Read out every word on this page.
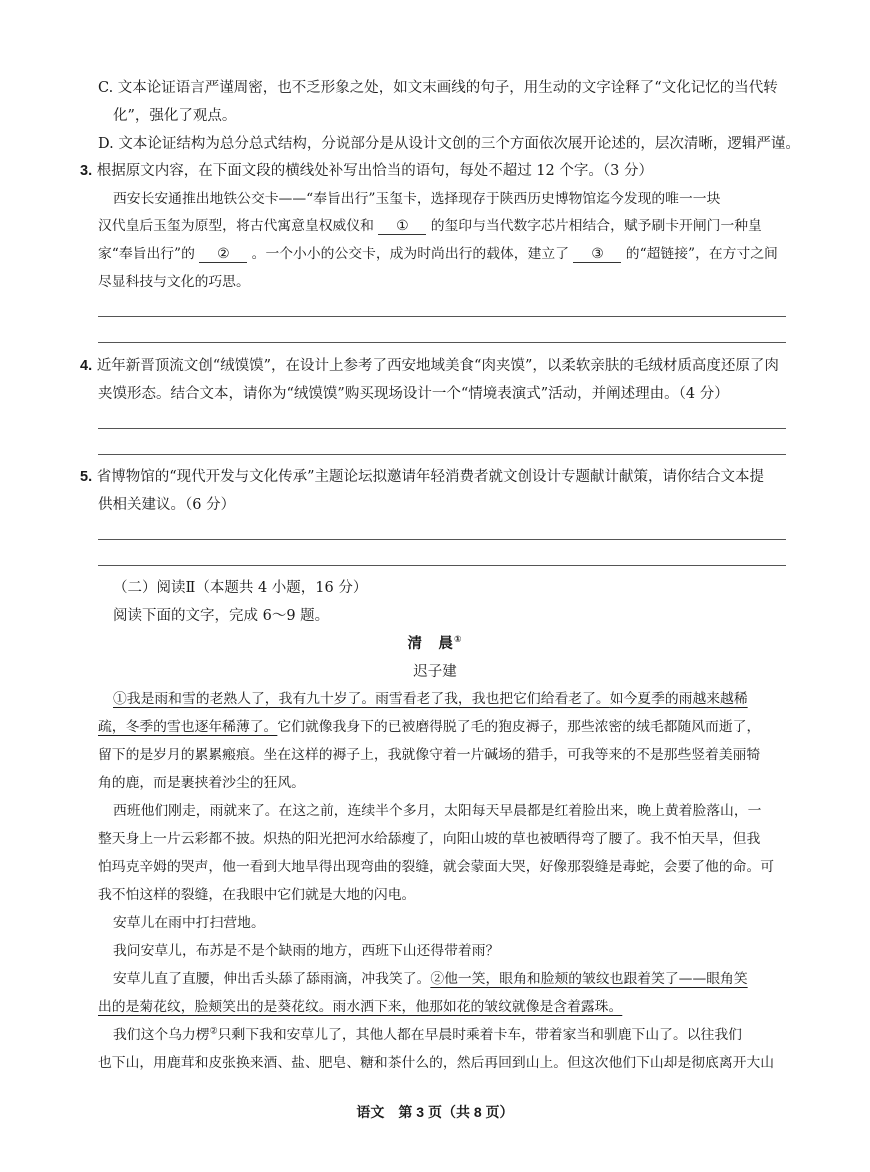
C. 文本论证语言严谨周密，也不乏形象之处，如文末画线的句子，用生动的文字诠释了“文化记忆的当代转
化”，强化了观点。
D. 文本论证结构为总分总式结构，分说部分是从设计文创的三个方面依次展开论述的，层次清晰，逻辑严谨。
3. 根据原文内容，在下面文段的横线处补写出恰当的语句，每处不超过 12 个字。（3 分）
西安长安通推出地铁公交卡——“奉旨出行”玉玺卡，选择现存于陕西历史博物馆迄今发现的唯一一块
汉代皇后玉玺为原型，将古代寓意皇权威仪和 ① 的玺印与当代数字芯片相结合，赋予刷卡开闸门一种皇
家“奉旨出行”的 ② 。一个小小的公交卡，成为时尚出行的载体，建立了 ③ 的“超链接”，在方寸之间
尽显科技与文化的巧思。
4. 近年新晋顶流文创“绒馍馍”，在设计上参考了西安地域美食“肉夹馍”，以柔软亲肤的毛绒材质高度还原了肉
夹馍形态。结合文本，请你为“绒馍馍”购买现场设计一个“情境表演式”活动，并阐述理由。（4 分）
5. 省博物馆的“现代开发与文化传承”主题论坛拟邀请年轻消费者就文创设计专题献计献策，请你结合文本提
供相关建议。（6 分）
（二）阅读Ⅱ（本题共 4 小题，16 分）
阅读下面的文字，完成 6～9 题。
清　晨①
迟子建
①我是雨和雪的老熟人了，我有九十岁了。雨雪看老了我，我也把它们给看老了。如今夏季的雨越来越稀
疏，冬季的雪也逐年稀薄了。它们就像我身下的已被磨得脱了毛的狍皮褥子，那些浓密的绒毛都随风而逝了，
留下的是岁月的累累瘢痕。坐在这样的褥子上，我就像守着一片碱场的猎手，可我等来的不是那些竖着美丽犄
角的鹿，而是裹挟着沙尘的狂风。
西班他们刚走，雨就来了。在这之前，连续半个多月，太阳每天早晨都是红着脸出来，晚上黄着脸落山，一
整天身上一片云彩都不披。炽热的阳光把河水给舔瘦了，向阳山坡的草也被晒得弯了腰了。我不怕天旱，但我
怕玛克辛姆的哭声，他一看到大地旱得出现弯曲的裂缝，就会蒙面大哭，好像那裂缝是毒蛇，会要了他的命。可
我不怕这样的裂缝，在我眼中它们就是大地的闪电。
安草儿在雨中打扫营地。
我问安草儿，布苏是不是个缺雨的地方，西班下山还得带着雨？
安草儿直了直腰，伸出舌头舔了舔雨滴，冲我笑了。②他一笑，眼角和脸颊的皱纹也跟着笑了——眼角笑
出的是菊花纹，脸颊笑出的是葵花纹。雨水洒下来，他那如花的皱纹就像是含着露珠。
我们这个乌力楞②只剩下我和安草儿了，其他人都在早晨时乘着卡车，带着家当和驯鹿下山了。以往我们
也下山，用鹿茸和皮张换来酒、盐、肥皂、糖和茶什么的，然后再回到山上。但这次他们下山却是彻底离开大山
语文　第 3 页（共 8 页）
